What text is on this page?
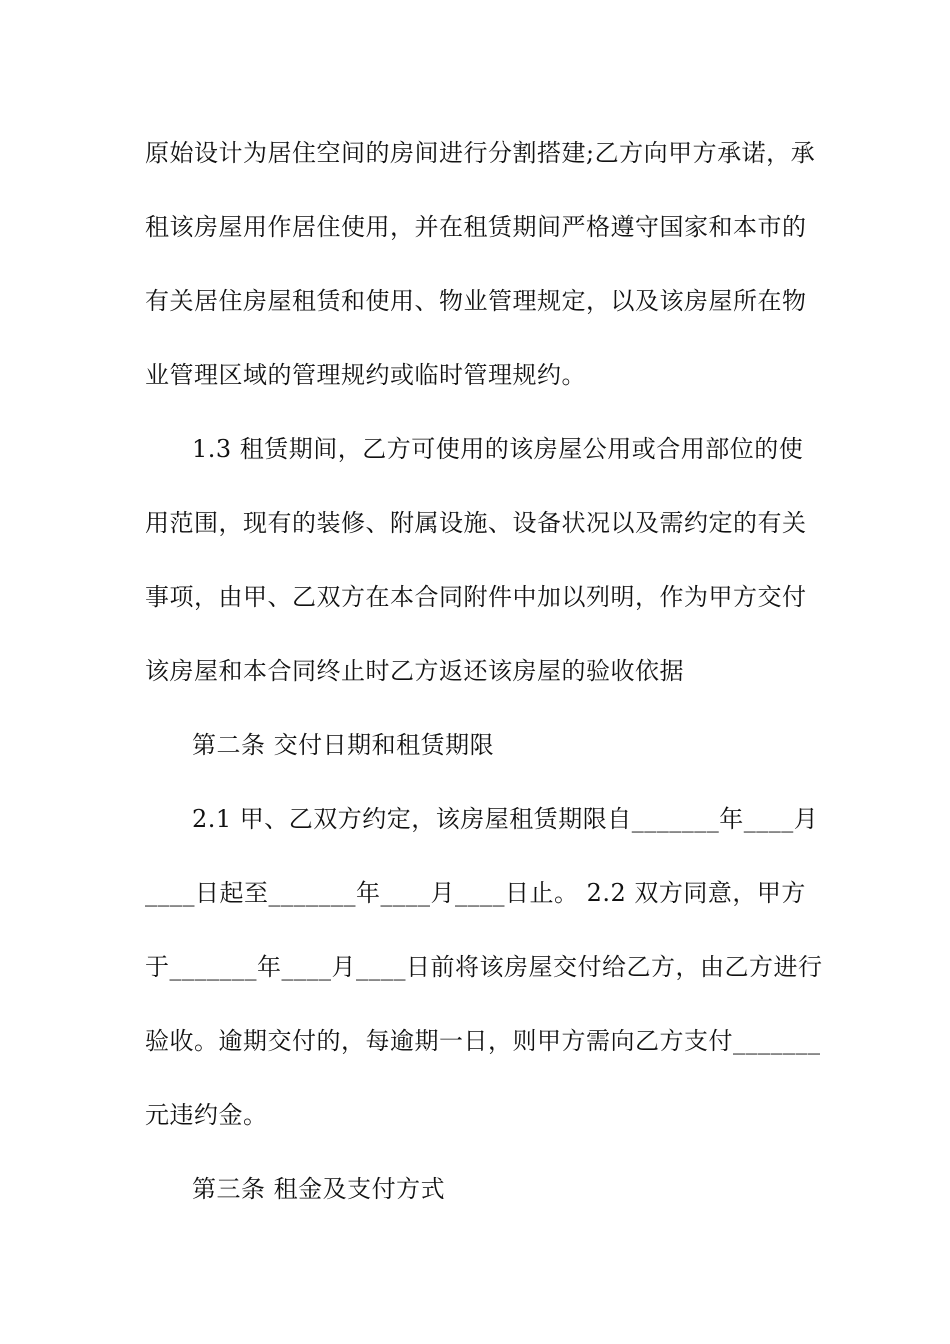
原始设计为居住空间的房间进行分割搭建;乙方向甲方承诺，承
租该房屋用作居住使用，并在租赁期间严格遵守国家和本市的
有关居住房屋租赁和使用、物业管理规定，以及该房屋所在物
业管理区域的管理规约或临时管理规约。
1.3 租赁期间，乙方可使用的该房屋公用或合用部位的使
用范围，现有的装修、附属设施、设备状况以及需约定的有关
事项，由甲、乙双方在本合同附件中加以列明，作为甲方交付
该房屋和本合同终止时乙方返还该房屋的验收依据
第二条 交付日期和租赁期限
2.1 甲、乙双方约定，该房屋租赁期限自_______年____月
____日起至_______年____月____日止。 2.2 双方同意，甲方
于_______年____月____日前将该房屋交付给乙方，由乙方进行
验收。逾期交付的，每逾期一日，则甲方需向乙方支付_______
元违约金。
第三条 租金及支付方式
